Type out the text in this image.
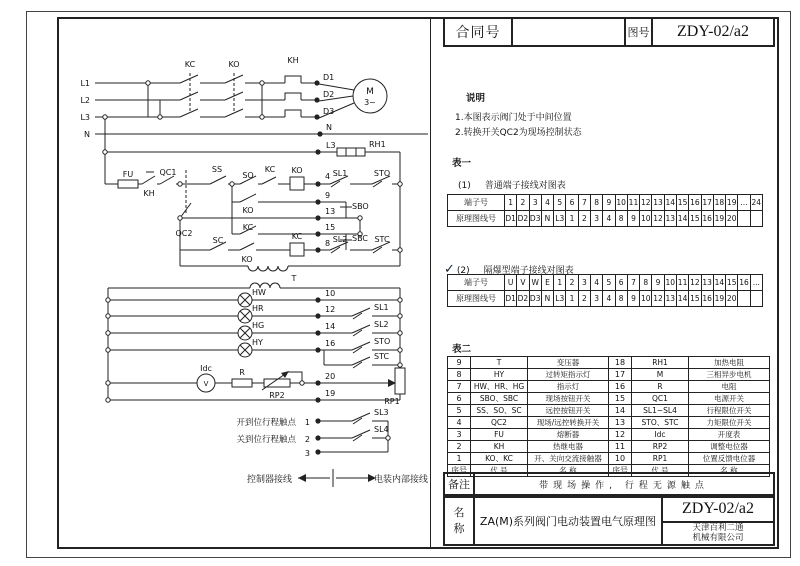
L1
L2
L3
N
KC	KO	KH
D1
D2
D3
N
L3	RH1
M
3~
FU
KH
QC1
QC2
SS
SO
KC KO
KO
KC
SC
KO
KC
SBO
SBC
4
9
13
15
8
SL1	STO
SL2	STC
T
HW
HR
HG
HY
10
12
14
16
SL1
SL2
STO
STC
Idc
V
R
RP2
RP1
20
19
开到位行程触点
关到位行程触点
1
2
3
SL3
SL4
控制器接线	电装内部接线
合同号	图号	ZDY-02/a2
说明
1.本图表示阀门处于中间位置
2.转换开关QC2为现场控制状态
表一
(1) 普通端子接线对图表
端子号	1	2	3	4	5	6	7	8	9	10	11	12	13	14	15	16	17	18	19	...	24
原理图线号	D1	D2	D3	N	L3	1	2	3	4	8	9	10	12	13	14	15	16	19	20		
✓ (2) 隔爆型端子接线对图表
端子号	U	V	W	E	1	2	3	4	5	6	7	8	9	10	11	12	13	14	15	16	...
原理图线号	D1	D2	D3	N	L3	1	2	3	4	8	9	10	12	13	14	15	16	19	20		
表二
9	T	变压器
8	HY	过转矩指示灯
7	HW、HR、HG	指示灯
6	SBO、SBC	现场按钮开关
5	SS、SO、SC	远控按钮开关
4	QC2	现场/远控转换开关
3	FU	熔断器
2	KH	热继电器
1	KO、KC	开、关向交流接触器
序号	代 号	名 称
18	RH1	加热电阻
17	M	三相异步电机
16	R	电阻
15	QC1	电源开关
14	SL1~SL4	行程限位开关
13	STO、STC	力矩限位开关
12	Idc	开度表
11	RP2	调整电位器
10	RP1	位置反馈电位器
序号	代 号	名 称
备注	带现场操作, 行程无源触点
名
称
ZA(M)系列阀门电动装置电气原理图
ZDY-02/a2
天津百利二通
机械有限公司
